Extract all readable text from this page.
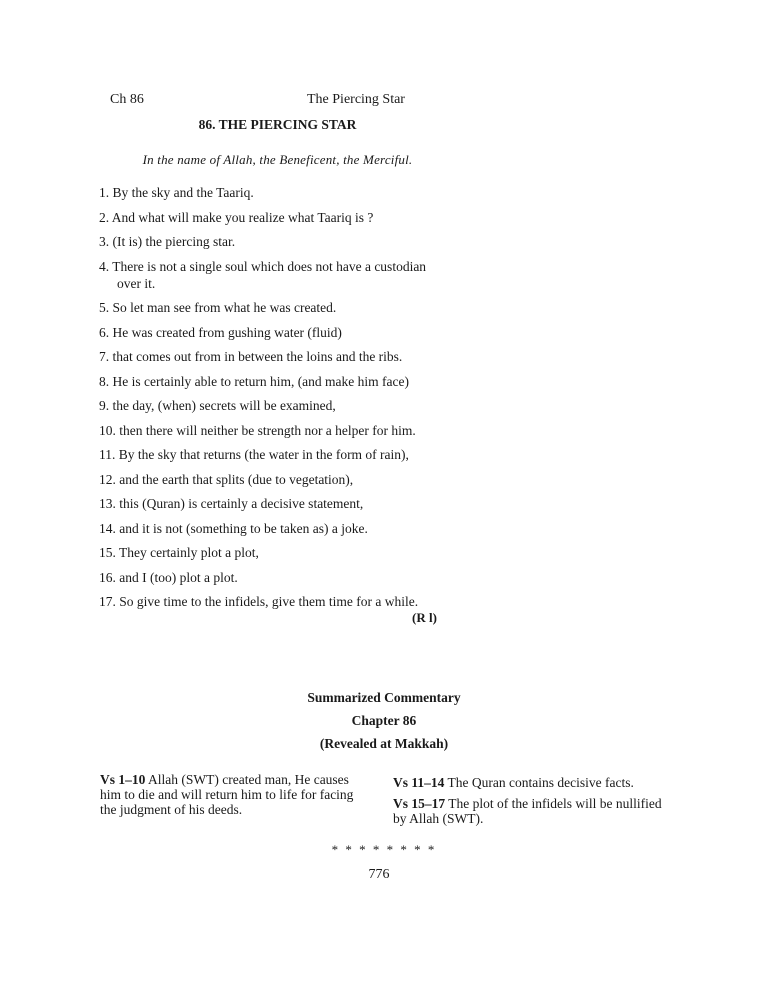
Ch 86	The Piercing Star
86. THE PIERCING STAR
In the name of Allah, the Beneficent, the Merciful.
1. By the sky and the Taariq.
2. And what will make you realize what Taariq is ?
3. (It is) the piercing star.
4. There is not a single soul which does not have a custodian
over it.
5. So let man see from what he was created.
6. He was created from gushing water (fluid)
7. that comes out from in between the loins and the ribs.
8. He is certainly able to return him, (and make him face)
9. the day, (when) secrets will be examined,
10. then there will neither be strength nor a helper for him.
11. By the sky that returns (the water in the form of rain),
12. and the earth that splits (due to vegetation),
13. this (Quran) is certainly a decisive statement,
14. and it is not (something to be taken as) a joke.
15. They certainly plot a plot,
16. and I (too) plot a plot.
17. So give time to the infidels, give them time for a while.
(R l)
Summarized Commentary
Chapter 86
(Revealed at Makkah)
Vs 1–10 Allah (SWT) created man, He causes
him to die and will return him to life for facing
the judgment of his deeds.
Vs 11–14 The Quran contains decisive facts.
Vs 15–17 The plot of the infidels will be nullified
by Allah (SWT).
* * * * * * * *
776
